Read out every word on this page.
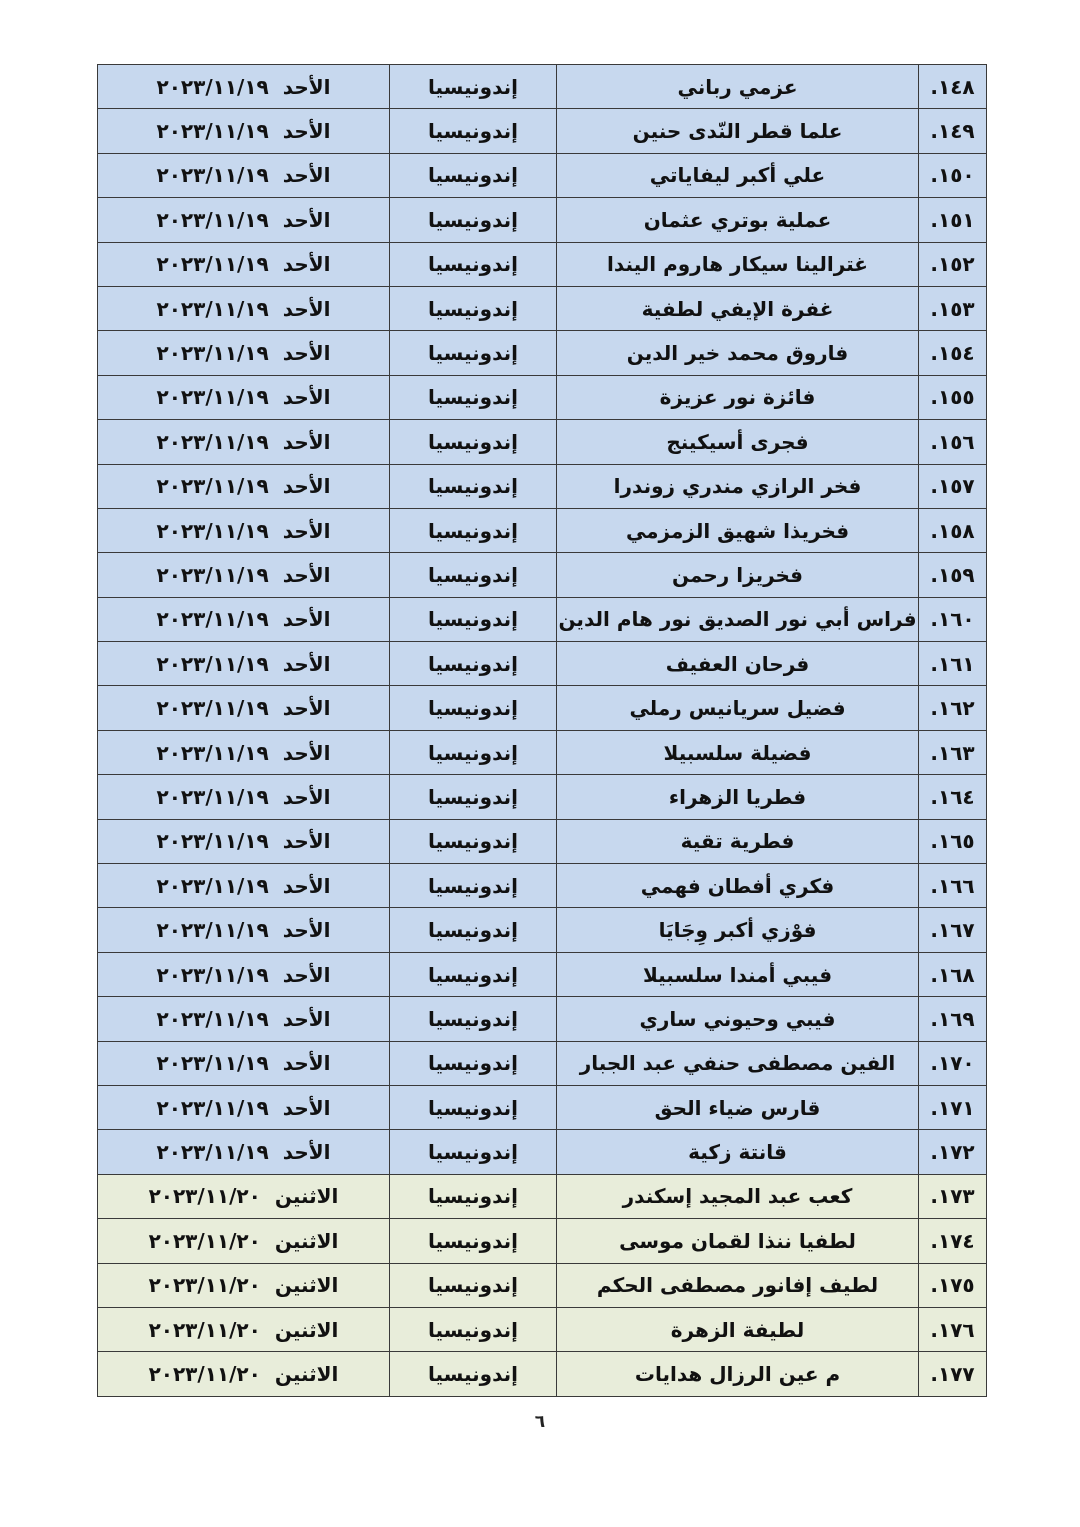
١٤٨.	عزمي رباني	إندونيسيا	الأحد٢٠٢٣/١١/١٩
١٤٩.	علما قطر النّدى حنين	إندونيسيا	الأحد٢٠٢٣/١١/١٩
١٥٠.	علي أكبر ليفاياتي	إندونيسيا	الأحد٢٠٢٣/١١/١٩
١٥١.	عملية بوتري عثمان	إندونيسيا	الأحد٢٠٢٣/١١/١٩
١٥٢.	غترالينا سيكار هاروم اليندا	إندونيسيا	الأحد٢٠٢٣/١١/١٩
١٥٣.	غفرة الإيفي لطفية	إندونيسيا	الأحد٢٠٢٣/١١/١٩
١٥٤.	فاروق محمد خير الدين	إندونيسيا	الأحد٢٠٢٣/١١/١٩
١٥٥.	فائزة نور عزيزة	إندونيسيا	الأحد٢٠٢٣/١١/١٩
١٥٦.	فجرى أسيكينج	إندونيسيا	الأحد٢٠٢٣/١١/١٩
١٥٧.	فخر الرازي مندري زوندرا	إندونيسيا	الأحد٢٠٢٣/١١/١٩
١٥٨.	فخريذا شهيق الزمزمي	إندونيسيا	الأحد٢٠٢٣/١١/١٩
١٥٩.	فخريزا رحمن	إندونيسيا	الأحد٢٠٢٣/١١/١٩
١٦٠.	فراس أبي نور الصديق نور هام الدين	إندونيسيا	الأحد٢٠٢٣/١١/١٩
١٦١.	فرحان العفيف	إندونيسيا	الأحد٢٠٢٣/١١/١٩
١٦٢.	فضيل سريانيس رملي	إندونيسيا	الأحد٢٠٢٣/١١/١٩
١٦٣.	فضيلة سلسبيلا	إندونيسيا	الأحد٢٠٢٣/١١/١٩
١٦٤.	فطريا الزهراء	إندونيسيا	الأحد٢٠٢٣/١١/١٩
١٦٥.	فطرية تقية	إندونيسيا	الأحد٢٠٢٣/١١/١٩
١٦٦.	فكري أفطان فهمي	إندونيسيا	الأحد٢٠٢٣/١١/١٩
١٦٧.	فوْزي أكبر وِجَايَا	إندونيسيا	الأحد٢٠٢٣/١١/١٩
١٦٨.	فيبي أمندا سلسبيلا	إندونيسيا	الأحد٢٠٢٣/١١/١٩
١٦٩.	فيبي وحيوني ساري	إندونيسيا	الأحد٢٠٢٣/١١/١٩
١٧٠.	الفين مصطفى حنفي عبد الجبار	إندونيسيا	الأحد٢٠٢٣/١١/١٩
١٧١.	قارس ضياء الحق	إندونيسيا	الأحد٢٠٢٣/١١/١٩
١٧٢.	قانتة زكية	إندونيسيا	الأحد٢٠٢٣/١١/١٩
١٧٣.	كعب عبد المجيد إسكندر	إندونيسيا	الاثنين٢٠٢٣/١١/٢٠
١٧٤.	لطفيا ننذا لقمان موسى	إندونيسيا	الاثنين٢٠٢٣/١١/٢٠
١٧٥.	لطيف إفانور مصطفى الحكم	إندونيسيا	الاثنين٢٠٢٣/١١/٢٠
١٧٦.	لطيفة الزهرة	إندونيسيا	الاثنين٢٠٢٣/١١/٢٠
١٧٧.	م عين الرزال هدايات	إندونيسيا	الاثنين٢٠٢٣/١١/٢٠
٦
